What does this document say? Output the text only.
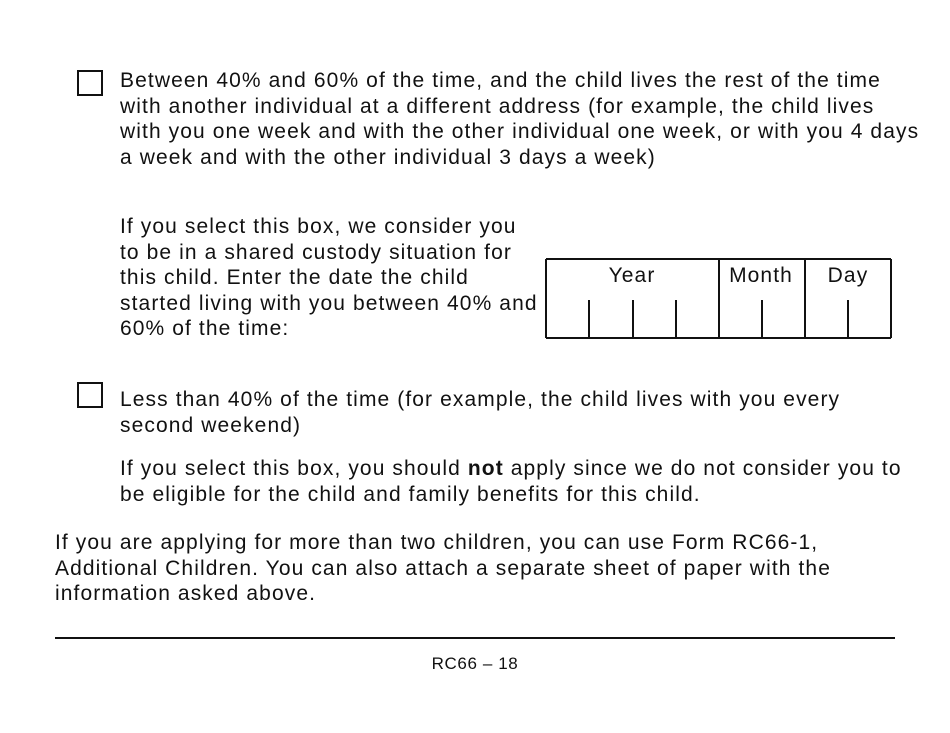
Between 40% and 60% of the time, and the child lives the rest of the time with another individual at a different address (for example, the child lives with you one week and with the other individual one week, or with you 4 days a week and with the other individual 3 days a week)

If you select this box, we consider you to be in a shared custody situation for this child. Enter the date the child started living with you between 40% and 60% of the time:

Year	Month	Day

Less than 40% of the time (for example, the child lives with you every second weekend)

If you select this box, you should not apply since we do not consider you to be eligible for the child and family benefits for this child.

If you are applying for more than two children, you can use Form RC66-1, Additional Children. You can also attach a separate sheet of paper with the information asked above.

RC66 – 18
